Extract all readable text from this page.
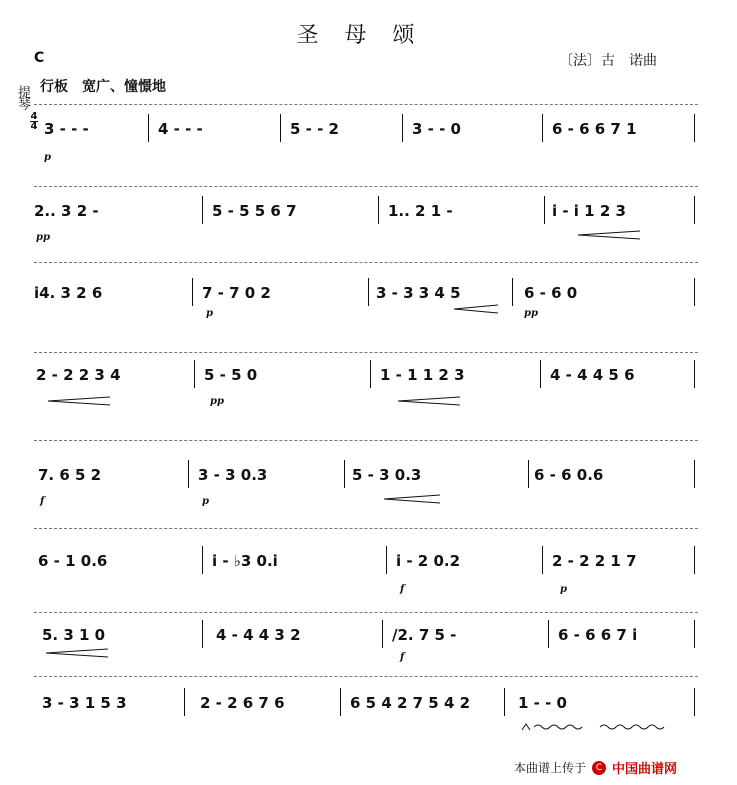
圣母颂
〔法〕古　诺曲
C
行板　宽广、憧憬地
提琴
4
4 3 - - -	4 - - -	5 - - 2	3 - - 0	6 - 6 6 7 1
p
2.. 3 2 -	5 - 5 5 6 7	1.. 2 1 -	i - i 1 2 3
pp
i4. 3 2 6	7 - 7 0 2	3 - 3 3 4 5	6 - 6 0
p	pp
2 - 2 2 3 4	5 - 5 0	1 - 1 1 2 3	4 - 4 4 5 6
pp
7. 6 5 2	3 - 3 0.3	5 - 3 0.3	6 - 6 0.6
f	p
6 - 1 0.6	i - ♭3 0.i	i - 2 0.2	2 - 2 2 1 7
f	p
5. 3 1 0	4 - 4 4 3 2	/2. 7 5 -	6 - 6 6 7 i
f
3 - 3 1 5 3	2 - 2 6 7 6	6 5 4 2 7 5 4 2	1 - - 0
本曲谱上传于	C 中国曲谱网
